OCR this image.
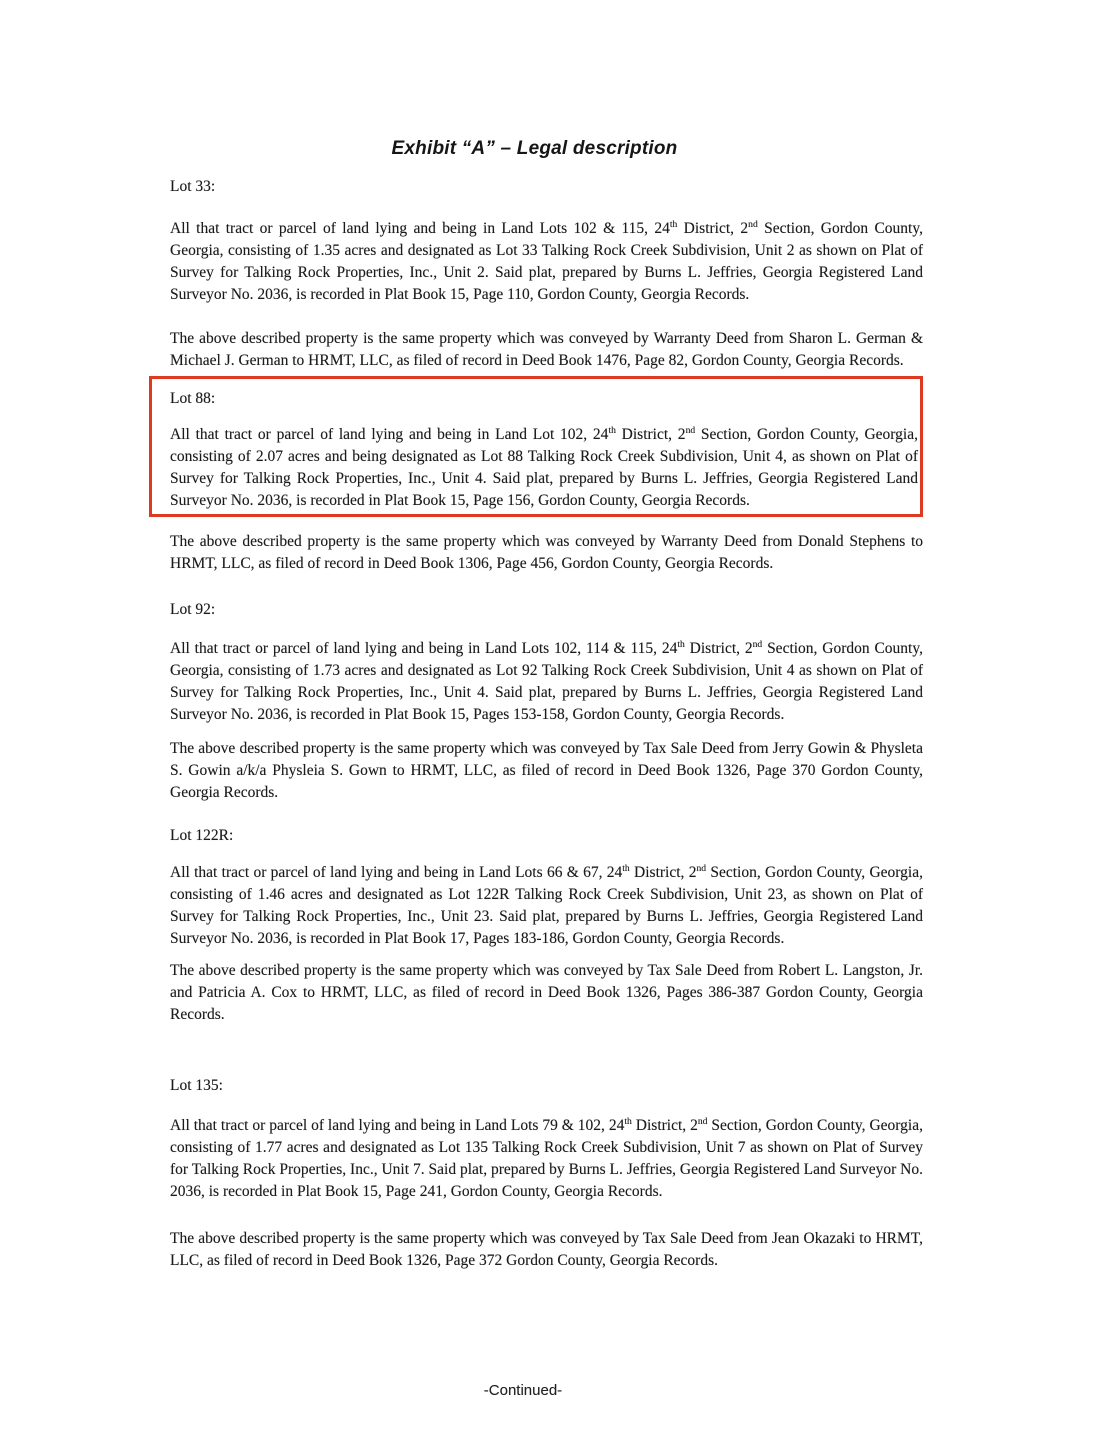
Exhibit “A” – Legal description

Lot 33:

All that tract or parcel of land lying and being in Land Lots 102 & 115, 24th District, 2nd Section, Gordon County, Georgia, consisting of 1.35 acres and designated as Lot 33 Talking Rock Creek Subdivision, Unit 2 as shown on Plat of Survey for Talking Rock Properties, Inc., Unit 2. Said plat, prepared by Burns L. Jeffries, Georgia Registered Land Surveyor No. 2036, is recorded in Plat Book 15, Page 110, Gordon County, Georgia Records.

The above described property is the same property which was conveyed by Warranty Deed from Sharon L. German & Michael J. German to HRMT, LLC, as filed of record in Deed Book 1476, Page 82, Gordon County, Georgia Records.

Lot 88:

All that tract or parcel of land lying and being in Land Lot 102, 24th District, 2nd Section, Gordon County, Georgia, consisting of 2.07 acres and being designated as Lot 88 Talking Rock Creek Subdivision, Unit 4, as shown on Plat of Survey for Talking Rock Properties, Inc., Unit 4. Said plat, prepared by Burns L. Jeffries, Georgia Registered Land Surveyor No. 2036, is recorded in Plat Book 15, Page 156, Gordon County, Georgia Records.

The above described property is the same property which was conveyed by Warranty Deed from Donald Stephens to HRMT, LLC, as filed of record in Deed Book 1306, Page 456, Gordon County, Georgia Records.

Lot 92:

All that tract or parcel of land lying and being in Land Lots 102, 114 & 115, 24th District, 2nd Section, Gordon County, Georgia, consisting of 1.73 acres and designated as Lot 92 Talking Rock Creek Subdivision, Unit 4 as shown on Plat of Survey for Talking Rock Properties, Inc., Unit 4. Said plat, prepared by Burns L. Jeffries, Georgia Registered Land Surveyor No. 2036, is recorded in Plat Book 15, Pages 153-158, Gordon County, Georgia Records.

The above described property is the same property which was conveyed by Tax Sale Deed from Jerry Gowin & Physleta S. Gowin a/k/a Physleia S. Gown to HRMT, LLC, as filed of record in Deed Book 1326, Page 370 Gordon County, Georgia Records.

Lot 122R:

All that tract or parcel of land lying and being in Land Lots 66 & 67, 24th District, 2nd Section, Gordon County, Georgia, consisting of 1.46 acres and designated as Lot 122R Talking Rock Creek Subdivision, Unit 23, as shown on Plat of Survey for Talking Rock Properties, Inc., Unit 23. Said plat, prepared by Burns L. Jeffries, Georgia Registered Land Surveyor No. 2036, is recorded in Plat Book 17, Pages 183-186, Gordon County, Georgia Records.

The above described property is the same property which was conveyed by Tax Sale Deed from Robert L. Langston, Jr. and Patricia A. Cox to HRMT, LLC, as filed of record in Deed Book 1326, Pages 386-387 Gordon County, Georgia Records.

Lot 135:

All that tract or parcel of land lying and being in Land Lots 79 & 102, 24th District, 2nd Section, Gordon County, Georgia, consisting of 1.77 acres and designated as Lot 135 Talking Rock Creek Subdivision, Unit 7 as shown on Plat of Survey for Talking Rock Properties, Inc., Unit 7. Said plat, prepared by Burns L. Jeffries, Georgia Registered Land Surveyor No. 2036, is recorded in Plat Book 15, Page 241, Gordon County, Georgia Records.

The above described property is the same property which was conveyed by Tax Sale Deed from Jean Okazaki to HRMT, LLC, as filed of record in Deed Book 1326, Page 372 Gordon County, Georgia Records.

-Continued-
